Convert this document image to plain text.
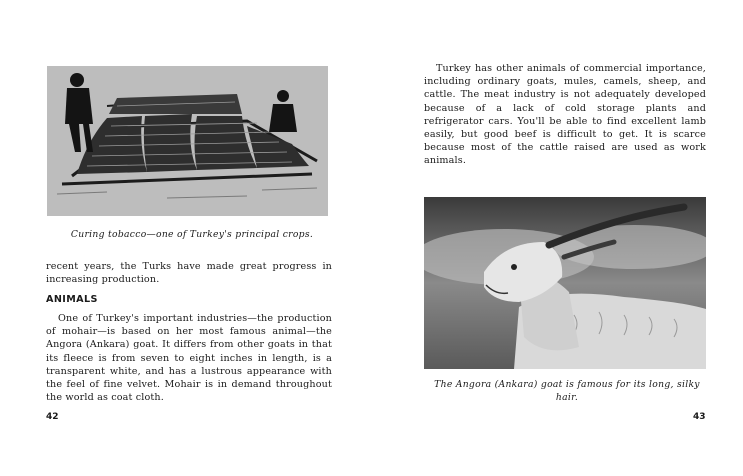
Curing tobacco—one of Turkey's principal crops.
recent years, the Turks have made great progress in increasing production.
ANIMALS
One of Turkey's important industries—the production of mohair—is based on her most famous animal—the Angora (Ankara) goat. It differs from other goats in that its fleece is from seven to eight inches in length, is a transparent white, and has a lustrous appearance with the feel of fine velvet. Mohair is in demand throughout the world as coat cloth.
42
Turkey has other animals of commercial importance, including ordinary goats, mules, camels, sheep, and cattle. The meat industry is not adequately developed because of a lack of cold storage plants and refrigerator cars. You'll be able to find excellent lamb easily, but good beef is difficult to get. It is scarce because most of the cattle raised are used as work animals.
The Angora (Ankara) goat is famous for its long, silky hair.
43
